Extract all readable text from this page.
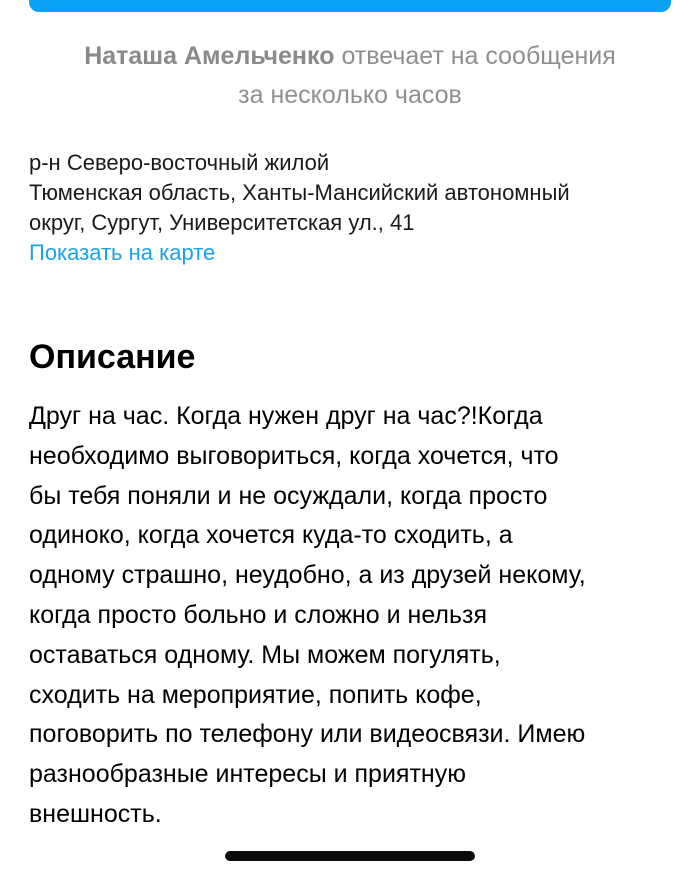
Наташа Амельченко отвечает на сообщения
за несколько часов
р-н Северо-восточный жилой
Тюменская область, Ханты-Мансийский автономный
округ, Сургут, Университетская ул., 41
Показать на карте
Описание
Друг на час. Когда нужен друг на час?!Когда
необходимо выговориться, когда хочется, что
бы тебя поняли и не осуждали, когда просто
одиноко, когда хочется куда-то сходить, а
одному страшно, неудобно, а из друзей некому,
когда просто больно и сложно и нельзя
оставаться одному. Мы можем погулять,
сходить на мероприятие, попить кофе,
поговорить по телефону или видеосвязи. Имею
разнообразные интересы и приятную
внешность.
